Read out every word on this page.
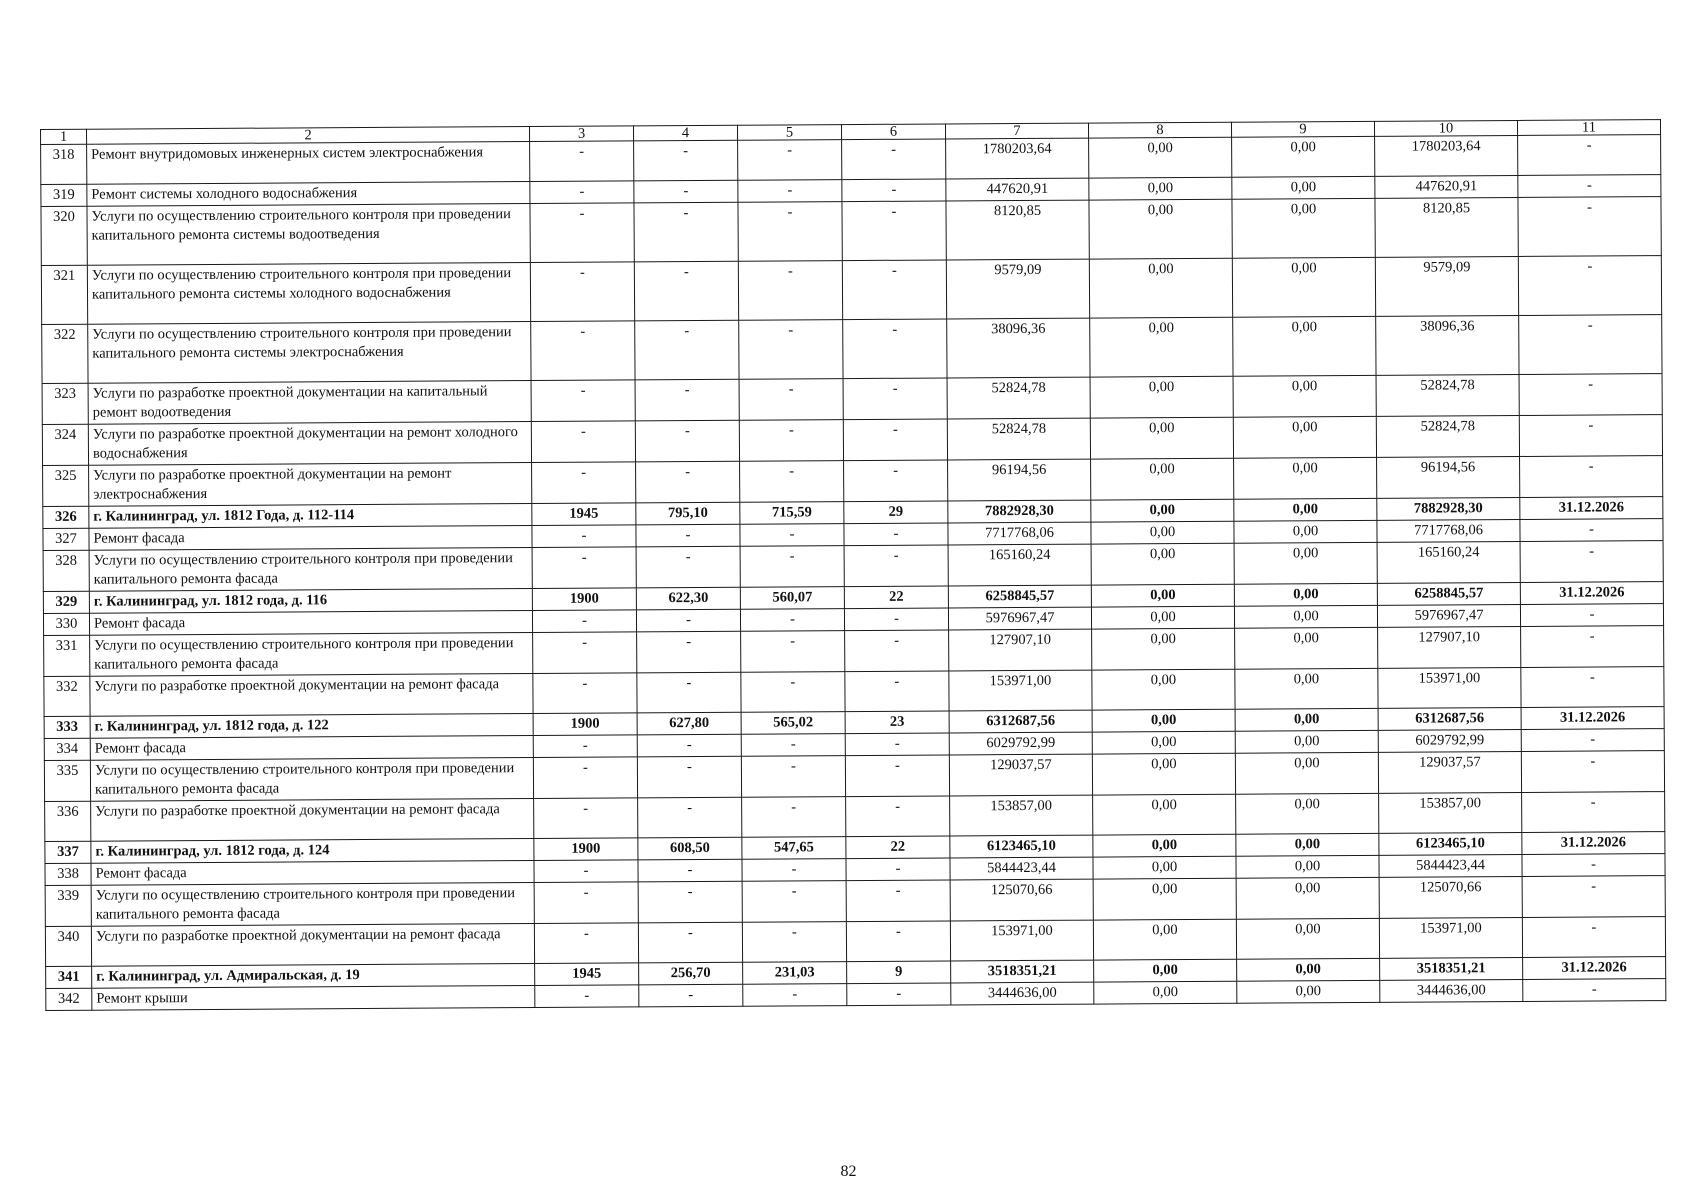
1	2	3	4	5	6	7	8	9	10	11
318	Ремонт внутридомовых инженерных систем электроснабжения	-	-	-	-	1780203,64	0,00	0,00	1780203,64	-
319	Ремонт системы холодного водоснабжения	-	-	-	-	447620,91	0,00	0,00	447620,91	-
320	Услуги по осуществлению строительного контроля при проведении капитального ремонта системы водоотведения	-	-	-	-	8120,85	0,00	0,00	8120,85	-
321	Услуги по осуществлению строительного контроля при проведении капитального ремонта системы холодного водоснабжения	-	-	-	-	9579,09	0,00	0,00	9579,09	-
322	Услуги по осуществлению строительного контроля при проведении капитального ремонта системы электроснабжения	-	-	-	-	38096,36	0,00	0,00	38096,36	-
323	Услуги по разработке проектной документации на капитальный ремонт водоотведения	-	-	-	-	52824,78	0,00	0,00	52824,78	-
324	Услуги по разработке проектной документации на ремонт холодного водоснабжения	-	-	-	-	52824,78	0,00	0,00	52824,78	-
325	Услуги по разработке проектной документации на ремонт электроснабжения	-	-	-	-	96194,56	0,00	0,00	96194,56	-
326	г. Калининград, ул. 1812 Года, д. 112-114	1945	795,10	715,59	29	7882928,30	0,00	0,00	7882928,30	31.12.2026
327	Ремонт фасада	-	-	-	-	7717768,06	0,00	0,00	7717768,06	-
328	Услуги по осуществлению строительного контроля при проведении капитального ремонта фасада	-	-	-	-	165160,24	0,00	0,00	165160,24	-
329	г. Калининград, ул. 1812 года, д. 116	1900	622,30	560,07	22	6258845,57	0,00	0,00	6258845,57	31.12.2026
330	Ремонт фасада	-	-	-	-	5976967,47	0,00	0,00	5976967,47	-
331	Услуги по осуществлению строительного контроля при проведении капитального ремонта фасада	-	-	-	-	127907,10	0,00	0,00	127907,10	-
332	Услуги по разработке проектной документации на ремонт фасада	-	-	-	-	153971,00	0,00	0,00	153971,00	-
333	г. Калининград, ул. 1812 года, д. 122	1900	627,80	565,02	23	6312687,56	0,00	0,00	6312687,56	31.12.2026
334	Ремонт фасада	-	-	-	-	6029792,99	0,00	0,00	6029792,99	-
335	Услуги по осуществлению строительного контроля при проведении капитального ремонта фасада	-	-	-	-	129037,57	0,00	0,00	129037,57	-
336	Услуги по разработке проектной документации на ремонт фасада	-	-	-	-	153857,00	0,00	0,00	153857,00	-
337	г. Калининград, ул. 1812 года, д. 124	1900	608,50	547,65	22	6123465,10	0,00	0,00	6123465,10	31.12.2026
338	Ремонт фасада	-	-	-	-	5844423,44	0,00	0,00	5844423,44	-
339	Услуги по осуществлению строительного контроля при проведении капитального ремонта фасада	-	-	-	-	125070,66	0,00	0,00	125070,66	-
340	Услуги по разработке проектной документации на ремонт фасада	-	-	-	-	153971,00	0,00	0,00	153971,00	-
341	г. Калининград, ул. Адмиральская, д. 19	1945	256,70	231,03	9	3518351,21	0,00	0,00	3518351,21	31.12.2026
342	Ремонт крыши	-	-	-	-	3444636,00	0,00	0,00	3444636,00	-
82
